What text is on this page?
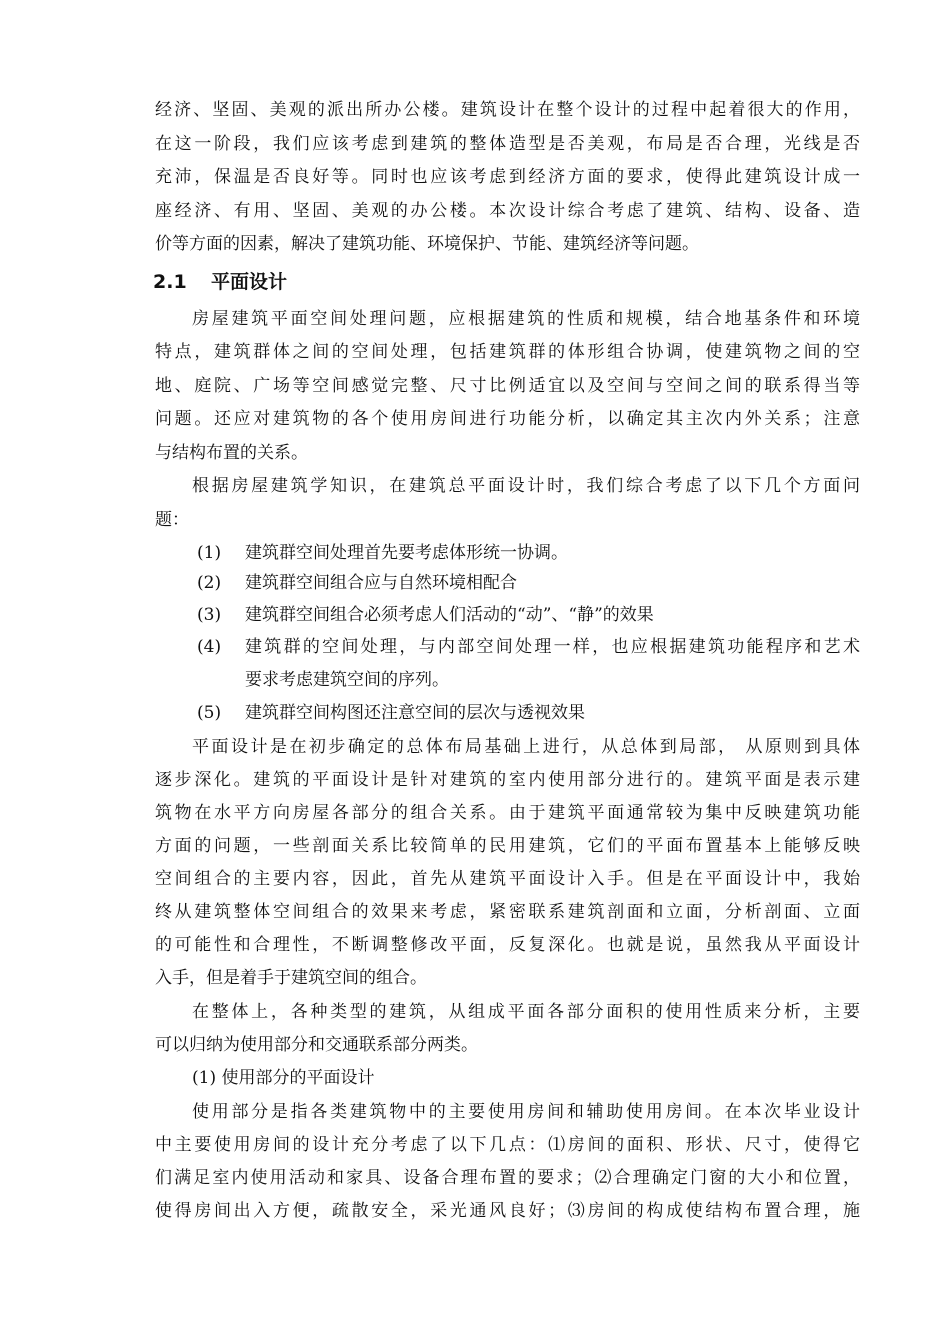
经济、坚固、美观的派出所办公楼。建筑设计在整个设计的过程中起着很大的作用，
在这一阶段，我们应该考虑到建筑的整体造型是否美观，布局是否合理，光线是否
充沛，保温是否良好等。同时也应该考虑到经济方面的要求，使得此建筑设计成一
座经济、有用、坚固、美观的办公楼。本次设计综合考虑了建筑、结构、设备、造
价等方面的因素，解决了建筑功能、环境保护、节能、建筑经济等问题。
2.1 平面设计
房屋建筑平面空间处理问题，应根据建筑的性质和规模，结合地基条件和环境
特点，建筑群体之间的空间处理，包括建筑群的体形组合协调，使建筑物之间的空
地、庭院、广场等空间感觉完整、尺寸比例适宜以及空间与空间之间的联系得当等
问题。还应对建筑物的各个使用房间进行功能分析，以确定其主次内外关系；注意
与结构布置的关系。
根据房屋建筑学知识，在建筑总平面设计时，我们综合考虑了以下几个方面问
题：
(1)	建筑群空间处理首先要考虑体形统一协调。
(2)	建筑群空间组合应与自然环境相配合
(3)	建筑群空间组合必须考虑人们活动的“动”、“静”的效果
(4)	建筑群的空间处理，与内部空间处理一样，也应根据建筑功能程序和艺术
要求考虑建筑空间的序列。
(5)	建筑群空间构图还注意空间的层次与透视效果
平面设计是在初步确定的总体布局基础上进行，从总体到局部， 从原则到具体
逐步深化。建筑的平面设计是针对建筑的室内使用部分进行的。建筑平面是表示建
筑物在水平方向房屋各部分的组合关系。由于建筑平面通常较为集中反映建筑功能
方面的问题，一些剖面关系比较简单的民用建筑，它们的平面布置基本上能够反映
空间组合的主要内容，因此，首先从建筑平面设计入手。但是在平面设计中，我始
终从建筑整体空间组合的效果来考虑，紧密联系建筑剖面和立面，分析剖面、立面
的可能性和合理性，不断调整修改平面，反复深化。也就是说，虽然我从平面设计
入手，但是着手于建筑空间的组合。
在整体上，各种类型的建筑，从组成平面各部分面积的使用性质来分析，主要
可以归纳为使用部分和交通联系部分两类。
(1) 使用部分的平面设计
使用部分是指各类建筑物中的主要使用房间和辅助使用房间。在本次毕业设计
中主要使用房间的设计充分考虑了以下几点：⑴房间的面积、形状、尺寸，使得它
们满足室内使用活动和家具、设备合理布置的要求；⑵合理确定门窗的大小和位置，
使得房间出入方便，疏散安全，采光通风良好；⑶房间的构成使结构布置合理，施
